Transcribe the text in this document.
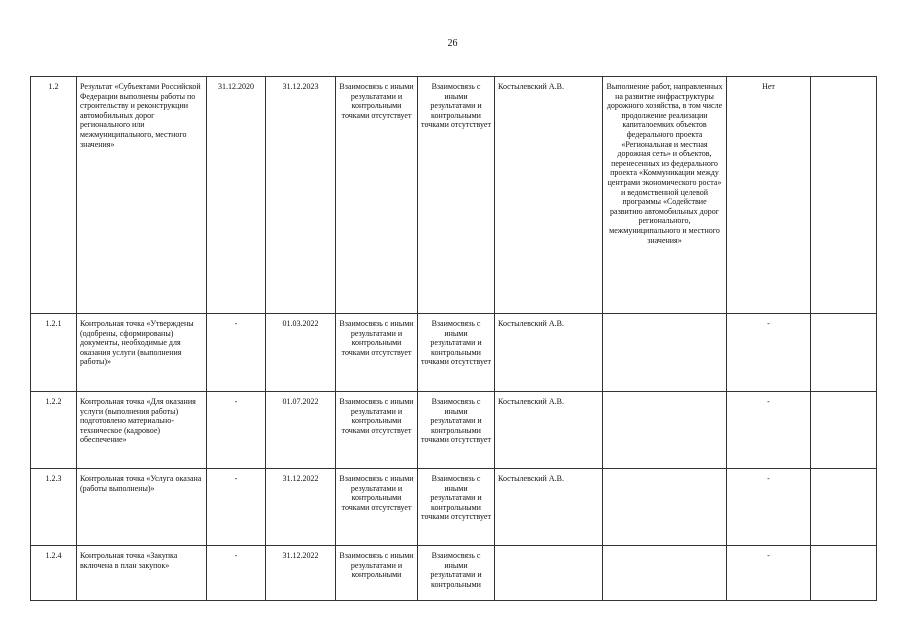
26
1.2	Результат «Субъектами Российской Федерации выполнены работы по строительству и реконструкции автомобильных дорог регионального или межмуниципального, местного значения»	31.12.2020	31.12.2023	Взаимосвязь с иными результатами и контрольными точками отсутствует	Взаимосвязь с иными результатами и контрольными точками отсутствует	Костылевский А.В.	Выполнение работ, направленных на развитие инфраструктуры дорожного хозяйства, в том числе продолжение реализации капиталоемких объектов федерального проекта «Региональная и местная дорожная сеть» и объектов, перенесенных из федерального проекта «Коммуникации между центрами экономического роста» и ведомственной целевой программы «Содействие развитию автомобильных дорог регионального, межмуниципального и местного значения»	Нет	
1.2.1	Контрольная точка «Утверждены (одобрены, сформированы) документы, необходимые для оказания услуги (выполнения работы)»	-	01.03.2022	Взаимосвязь с иными результатами и контрольными точками отсутствует	Взаимосвязь с иными результатами и контрольными точками отсутствует	Костылевский А.В.		-	
1.2.2	Контрольная точка «Для оказания услуги (выполнения работы) подготовлено материально-техническое (кадровое) обеспечение»	-	01.07.2022	Взаимосвязь с иными результатами и контрольными точками отсутствует	Взаимосвязь с иными результатами и контрольными точками отсутствует	Костылевский А.В.		-	
1.2.3	Контрольная точка «Услуга оказана (работы выполнены)»	-	31.12.2022	Взаимосвязь с иными результатами и контрольными точками отсутствует	Взаимосвязь с иными результатами и контрольными точками отсутствует	Костылевский А.В.		-	
1.2.4	Контрольная точка «Закупка включена в план закупок»	-	31.12.2022	Взаимосвязь с иными результатами и контрольными	Взаимосвязь с иными результатами и контрольными			-	
